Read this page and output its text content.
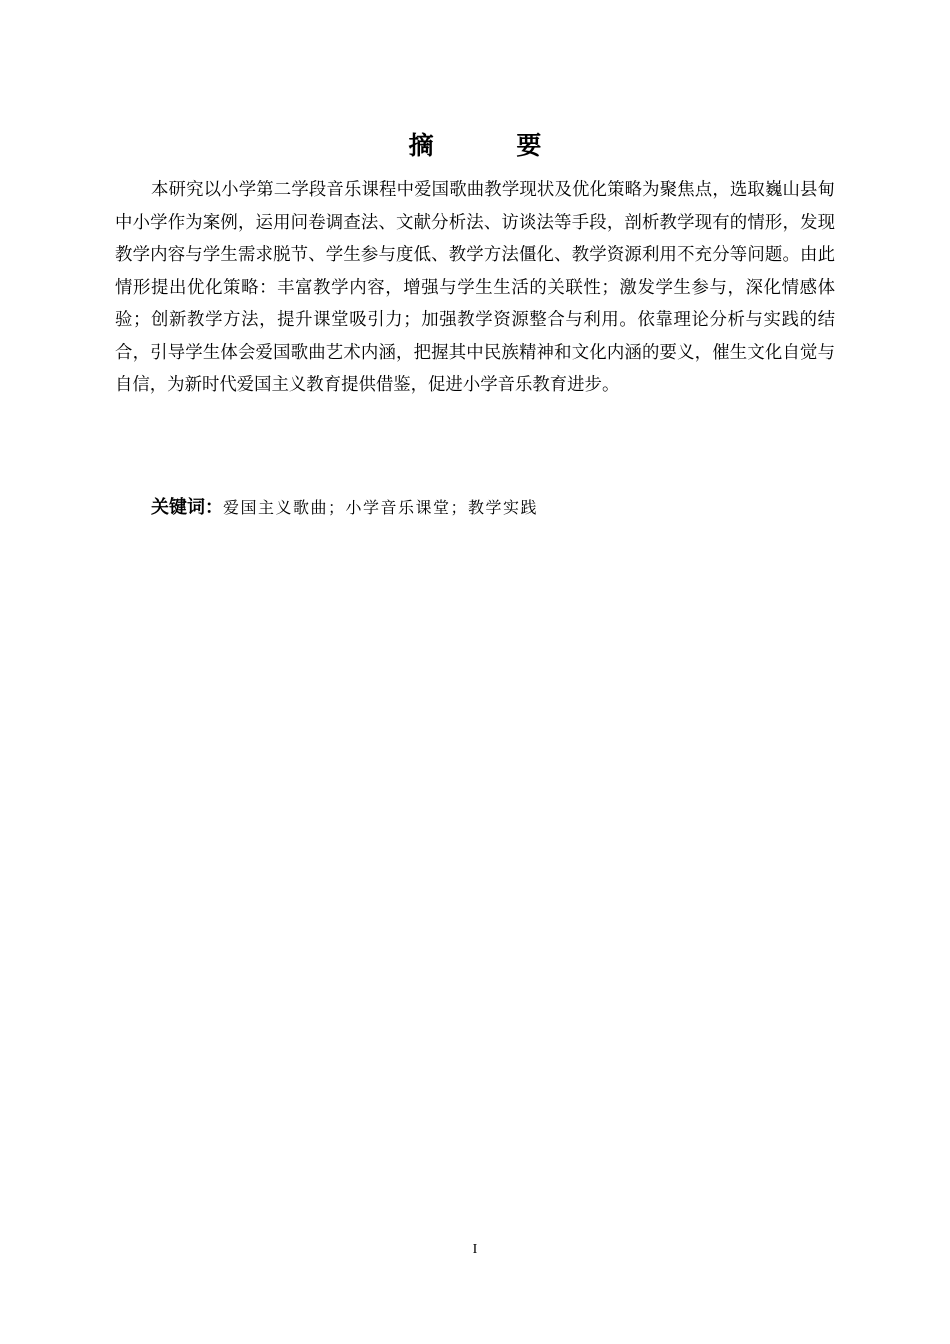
摘 要

本研究以小学第二学段音乐课程中爱国歌曲教学现状及优化策略为聚焦点，选取巍山县甸中小学作为案例，运用问卷调查法、文献分析法、访谈法等手段，剖析教学现有的情形，发现教学内容与学生需求脱节、学生参与度低、教学方法僵化、教学资源利用不充分等问题。由此情形提出优化策略：丰富教学内容，增强与学生生活的关联性；激发学生参与，深化情感体验；创新教学方法，提升课堂吸引力；加强教学资源整合与利用。依靠理论分析与实践的结合，引导学生体会爱国歌曲艺术内涵，把握其中民族精神和文化内涵的要义，催生文化自觉与自信，为新时代爱国主义教育提供借鉴，促进小学音乐教育进步。

关键词：爱国主义歌曲；小学音乐课堂；教学实践

I
